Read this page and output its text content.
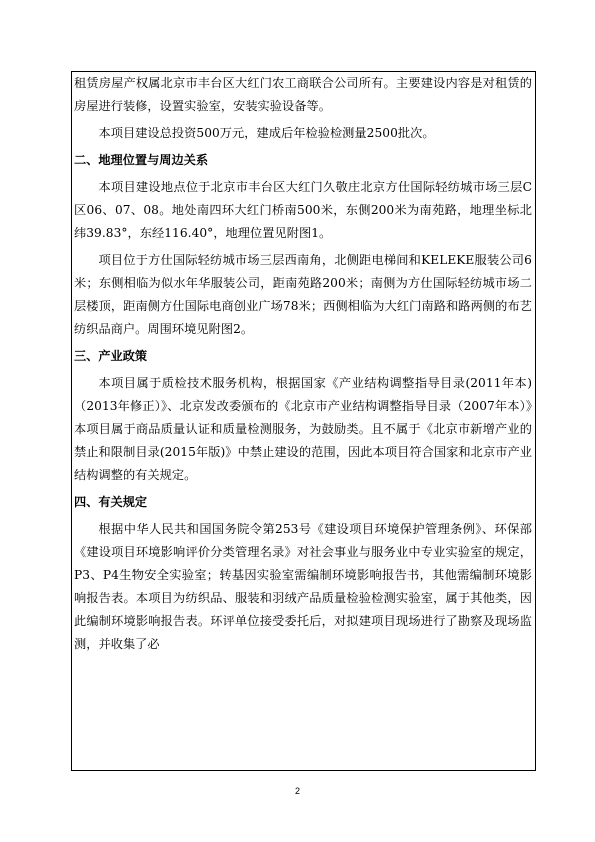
租赁房屋产权属北京市丰台区大红门农工商联合公司所有。主要建设内容是对租赁的房屋进行装修，设置实验室，安装实验设备等。

本项目建设总投资500万元，建成后年检验检测量2500批次。

二、地理位置与周边关系

本项目建设地点位于北京市丰台区大红门久敬庄北京方仕国际轻纺城市场三层C区06、07、08。地处南四环大红门桥南500米，东侧200米为南苑路，地理坐标北纬39.83°，东经116.40°，地理位置见附图1。

项目位于方仕国际轻纺城市场三层西南角，北侧距电梯间和KELEKE服装公司6米；东侧相临为似水年华服装公司，距南苑路200米；南侧为方仕国际轻纺城市场二层楼顶，距南侧方仕国际电商创业广场78米；西侧相临为大红门南路和路两侧的布艺纺织品商户。周围环境见附图2。

三、产业政策

本项目属于质检技术服务机构，根据国家《产业结构调整指导目录(2011年本)（2013年修正）》、北京发改委颁布的《北京市产业结构调整指导目录（2007年本）》本项目属于商品质量认证和质量检测服务，为鼓励类。且不属于《北京市新增产业的禁止和限制目录(2015年版)》中禁止建设的范围，因此本项目符合国家和北京市产业结构调整的有关规定。

四、有关规定

根据中华人民共和国国务院令第253号《建设项目环境保护管理条例》、环保部《建设项目环境影响评价分类管理名录》对社会事业与服务业中专业实验室的规定，P3、P4生物安全实验室；转基因实验室需编制环境影响报告书，其他需编制环境影响报告表。本项目为纺织品、服装和羽绒产品质量检验检测实验室，属于其他类，因此编制环境影响报告表。环评单位接受委托后，对拟建项目现场进行了勘察及现场监测，并收集了必

2
